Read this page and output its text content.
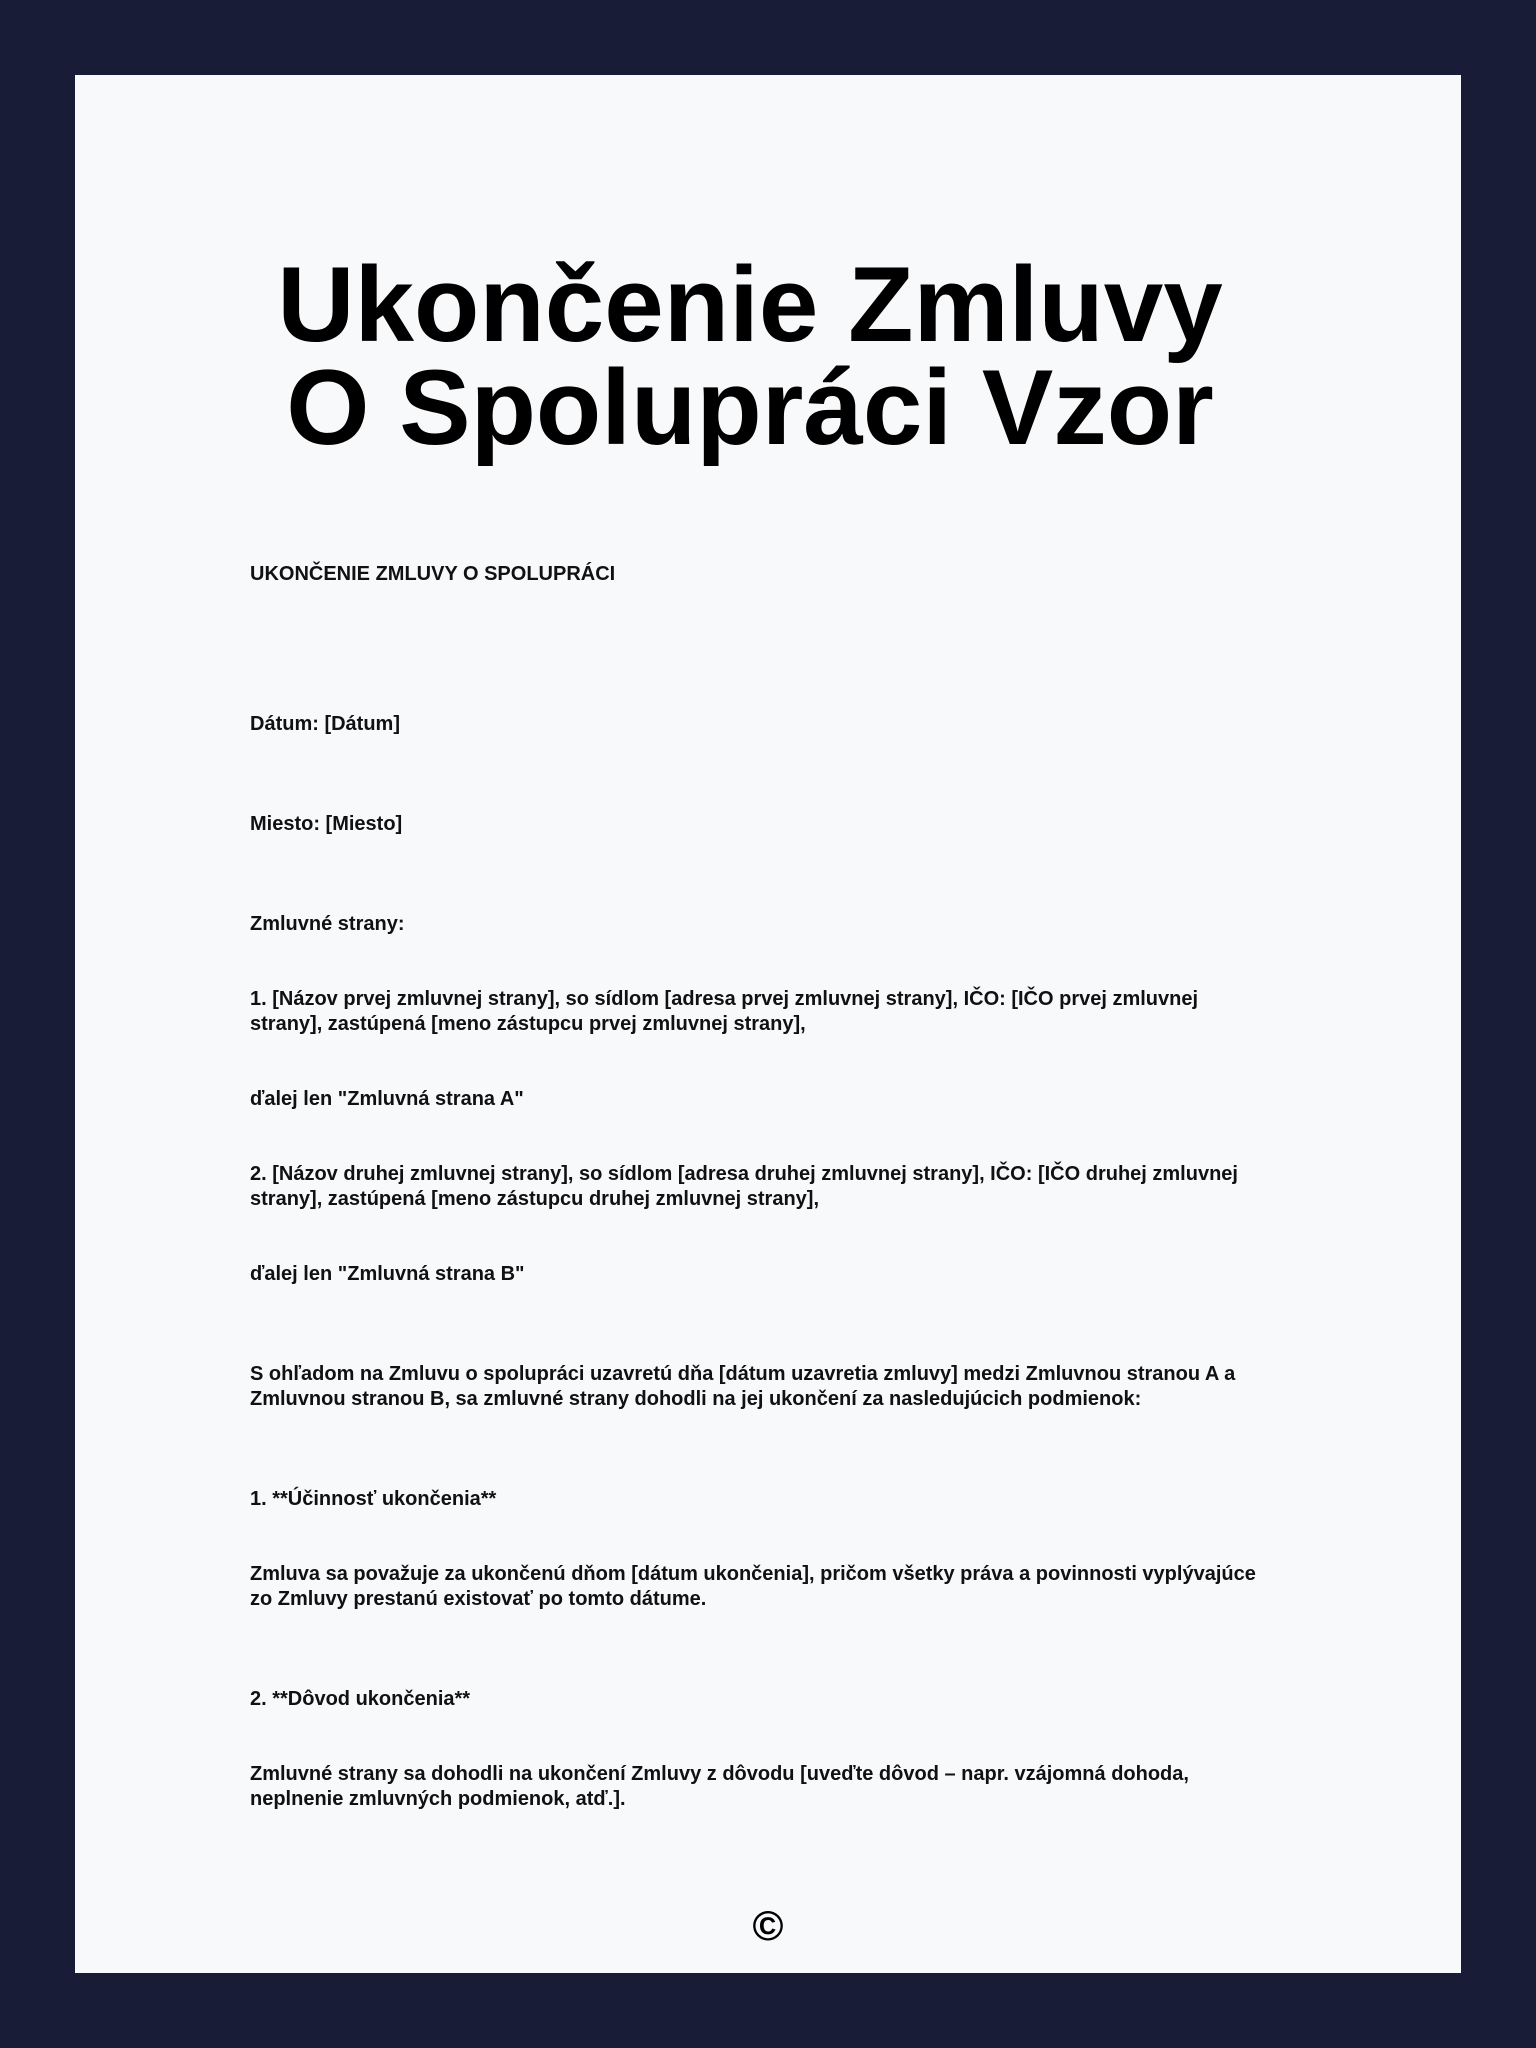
Ukončenie Zmluvy O Spolupráci Vzor

UKONČENIE ZMLUVY O SPOLUPRÁCI

Dátum: [Dátum]

Miesto: [Miesto]

Zmluvné strany:

1. [Názov prvej zmluvnej strany], so sídlom [adresa prvej zmluvnej strany], IČO: [IČO prvej zmluvnej strany], zastúpená [meno zástupcu prvej zmluvnej strany],

ďalej len "Zmluvná strana A"

2. [Názov druhej zmluvnej strany], so sídlom [adresa druhej zmluvnej strany], IČO: [IČO druhej zmluvnej strany], zastúpená [meno zástupcu druhej zmluvnej strany],

ďalej len "Zmluvná strana B"

S ohľadom na Zmluvu o spolupráci uzavretú dňa [dátum uzavretia zmluvy] medzi Zmluvnou stranou A a Zmluvnou stranou B, sa zmluvné strany dohodli na jej ukončení za nasledujúcich podmienok:

1. **Účinnosť ukončenia**

Zmluva sa považuje za ukončenú dňom [dátum ukončenia], pričom všetky práva a povinnosti vyplývajúce zo Zmluvy prestanú existovať po tomto dátume.

2. **Dôvod ukončenia**

Zmluvné strany sa dohodli na ukončení Zmluvy z dôvodu [uveďte dôvod – napr. vzájomná dohoda, neplnenie zmluvných podmienok, atď.].

©
